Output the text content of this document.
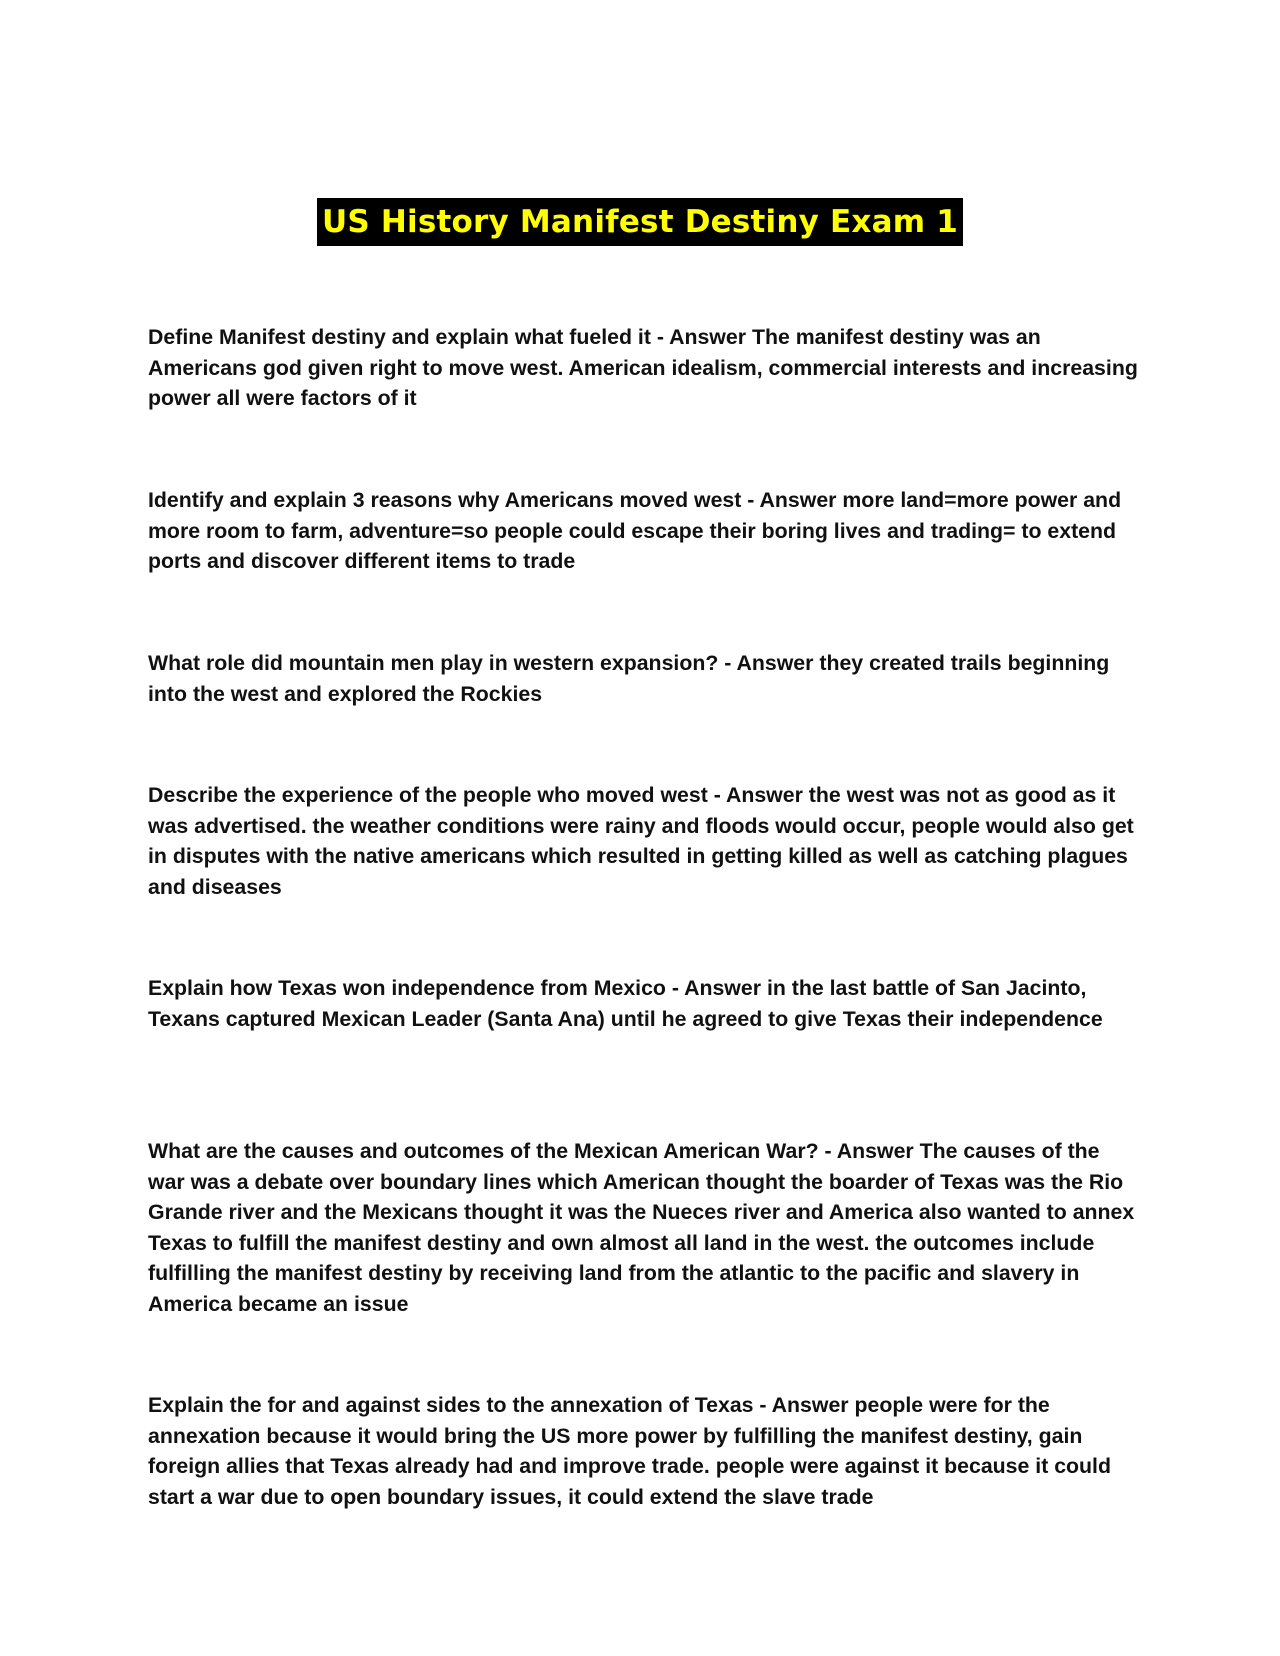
US History Manifest Destiny Exam 1

Define Manifest destiny and explain what fueled it - Answer The manifest destiny was an Americans god given right to move west. American idealism, commercial interests and increasing power all were factors of it

Identify and explain 3 reasons why Americans moved west - Answer more land=more power and more room to farm, adventure=so people could escape their boring lives and trading= to extend ports and discover different items to trade

What role did mountain men play in western expansion? - Answer they created trails beginning into the west and explored the Rockies

Describe the experience of the people who moved west - Answer the west was not as good as it was advertised. the weather conditions were rainy and floods would occur, people would also get in disputes with the native americans which resulted in getting killed as well as catching plagues and diseases

Explain how Texas won independence from Mexico - Answer in the last battle of San Jacinto, Texans captured Mexican Leader (Santa Ana) until he agreed to give Texas their independence

What are the causes and outcomes of the Mexican American War? - Answer The causes of the war was a debate over boundary lines which American thought the boarder of Texas was the Rio Grande river and the Mexicans thought it was the Nueces river and America also wanted to annex Texas to fulfill the manifest destiny and own almost all land in the west. the outcomes include fulfilling the manifest destiny by receiving land from the atlantic to the pacific and slavery in America became an issue

Explain the for and against sides to the annexation of Texas - Answer people were for the annexation because it would bring the US more power by fulfilling the manifest destiny, gain foreign allies that Texas already had and improve trade. people were against it because it could start a war due to open boundary issues, it could extend the slave trade
